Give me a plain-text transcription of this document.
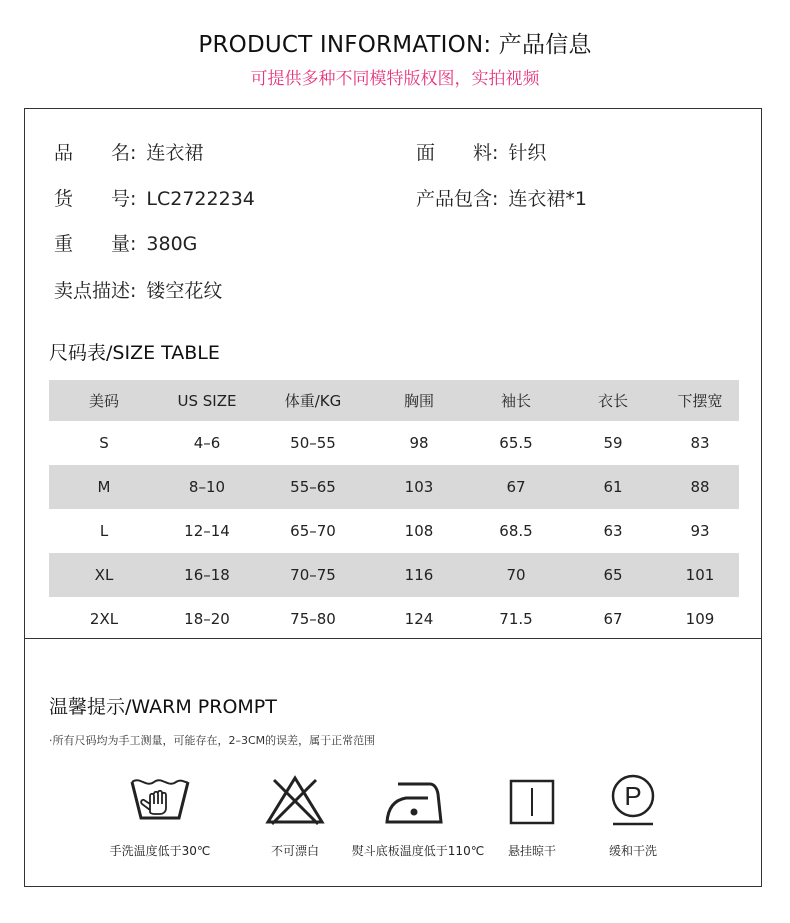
PRODUCT INFORMATION: 产品信息
可提供多种不同模特版权图，实拍视频
品　　名: 连衣裙	面　　料: 针织
货　　号: LC2722234	产品包含: 连衣裙*1
重　　量: 380G
卖点描述: 镂空花纹
尺码表/SIZE TABLE
美码	US SIZE	体重/KG	胸围	袖长	衣长	下摆宽
S	4–6	50–55	98	65.5	59	83
M	8–10	55–65	103	67	61	88
L	12–14	65–70	108	68.5	63	93
XL	16–18	70–75	116	70	65	101
2XL	18–20	75–80	124	71.5	67	109
温馨提示/WARM PROMPT
·所有尺码均为手工测量，可能存在，2–3CM的误差，属于正常范围
P
手洗温度低于30℃	不可漂白	熨斗底板温度低于110℃	悬挂晾干	缓和干洗
